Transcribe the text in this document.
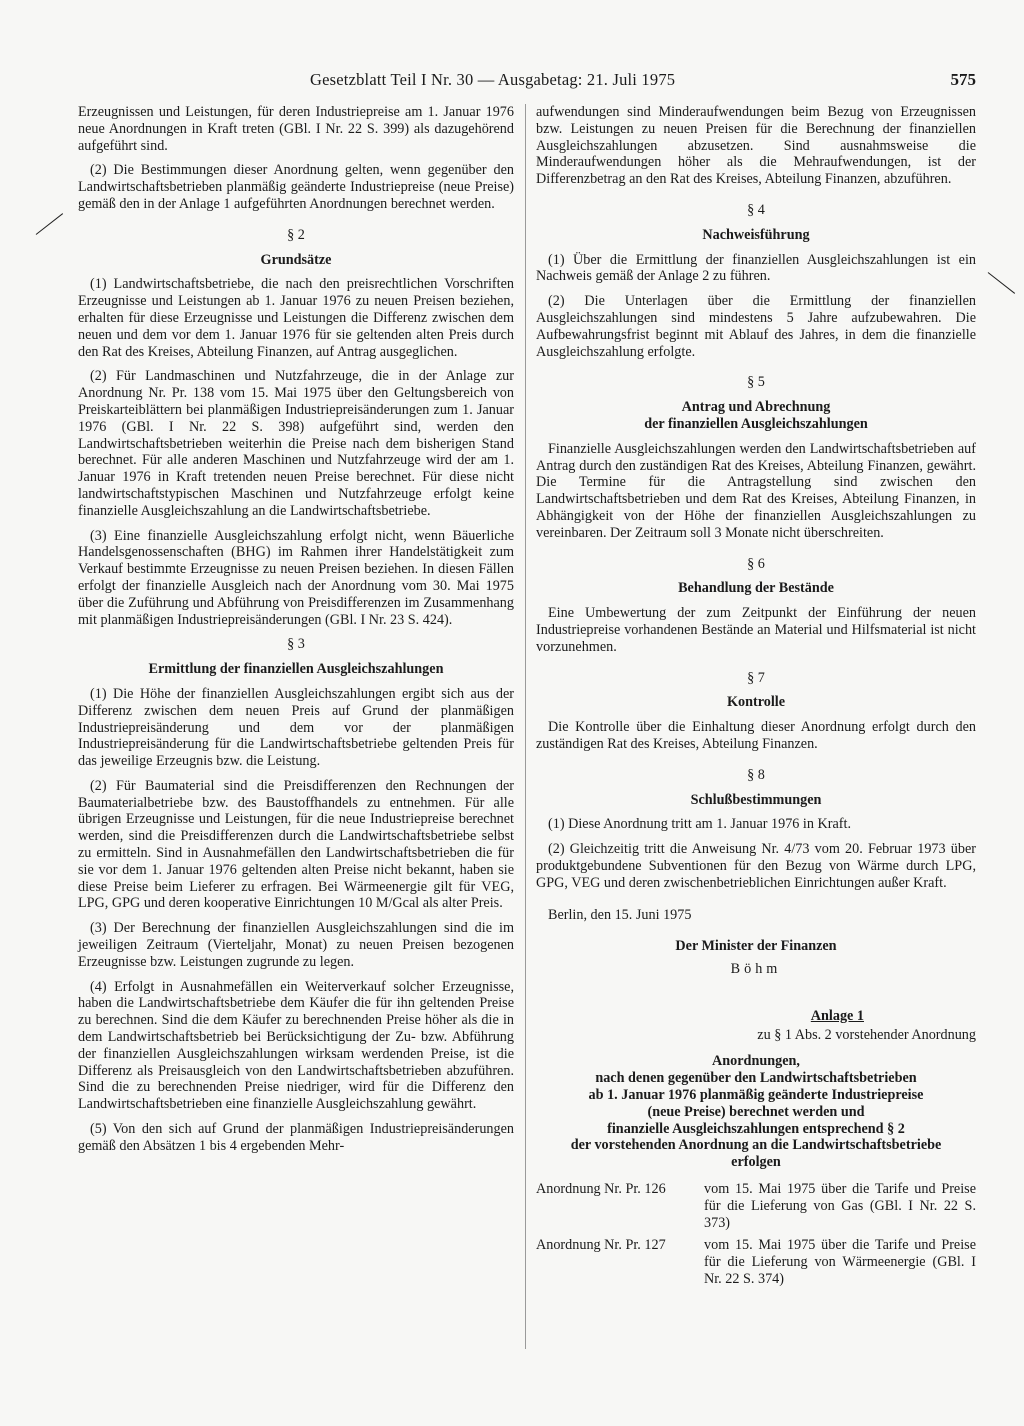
Gesetzblatt Teil I Nr. 30 — Ausgabetag: 21. Juli 1975	575

Erzeugnissen und Leistungen, für deren Industriepreise am 1. Januar 1976 neue Anordnungen in Kraft treten (GBl. I Nr. 22 S. 399) als dazugehörend aufgeführt sind.

(2) Die Bestimmungen dieser Anordnung gelten, wenn gegenüber den Landwirtschaftsbetrieben planmäßig geänderte Industriepreise (neue Preise) gemäß den in der Anlage 1 aufgeführten Anordnungen berechnet werden.

§ 2
Grundsätze

(1) Landwirtschaftsbetriebe, die nach den preisrechtlichen Vorschriften Erzeugnisse und Leistungen ab 1. Januar 1976 zu neuen Preisen beziehen, erhalten für diese Erzeugnisse und Leistungen die Differenz zwischen dem neuen und dem vor dem 1. Januar 1976 für sie geltenden alten Preis durch den Rat des Kreises, Abteilung Finanzen, auf Antrag ausgeglichen.

(2) Für Landmaschinen und Nutzfahrzeuge, die in der Anlage zur Anordnung Nr. Pr. 138 vom 15. Mai 1975 über den Geltungsbereich von Preiskarteiblättern bei planmäßigen Industriepreisänderungen zum 1. Januar 1976 (GBl. I Nr. 22 S. 398) aufgeführt sind, werden den Landwirtschaftsbetrieben weiterhin die Preise nach dem bisherigen Stand berechnet. Für alle anderen Maschinen und Nutzfahrzeuge wird der am 1. Januar 1976 in Kraft tretenden neuen Preise berechnet. Für diese nicht landwirtschaftstypischen Maschinen und Nutzfahrzeuge erfolgt keine finanzielle Ausgleichszahlung an die Landwirtschaftsbetriebe.

(3) Eine finanzielle Ausgleichszahlung erfolgt nicht, wenn Bäuerliche Handelsgenossenschaften (BHG) im Rahmen ihrer Handelstätigkeit zum Verkauf bestimmte Erzeugnisse zu neuen Preisen beziehen. In diesen Fällen erfolgt der finanzielle Ausgleich nach der Anordnung vom 30. Mai 1975 über die Zuführung und Abführung von Preisdifferenzen im Zusammenhang mit planmäßigen Industriepreisänderungen (GBl. I Nr. 23 S. 424).

§ 3
Ermittlung der finanziellen Ausgleichszahlungen

(1) Die Höhe der finanziellen Ausgleichszahlungen ergibt sich aus der Differenz zwischen dem neuen Preis auf Grund der planmäßigen Industriepreisänderung und dem vor der planmäßigen Industriepreisänderung für die Landwirtschaftsbetriebe geltenden Preis für das jeweilige Erzeugnis bzw. die Leistung.

(2) Für Baumaterial sind die Preisdifferenzen den Rechnungen der Baumaterialbetriebe bzw. des Baustoffhandels zu entnehmen. Für alle übrigen Erzeugnisse und Leistungen, für die neue Industriepreise berechnet werden, sind die Preisdifferenzen durch die Landwirtschaftsbetriebe selbst zu ermitteln. Sind in Ausnahmefällen den Landwirtschaftsbetrieben die für sie vor dem 1. Januar 1976 geltenden alten Preise nicht bekannt, haben sie diese Preise beim Lieferer zu erfragen. Bei Wärmeenergie gilt für VEG, LPG, GPG und deren kooperative Einrichtungen 10 M/Gcal als alter Preis.

(3) Der Berechnung der finanziellen Ausgleichszahlungen sind die im jeweiligen Zeitraum (Vierteljahr, Monat) zu neuen Preisen bezogenen Erzeugnisse bzw. Leistungen zugrunde zu legen.

(4) Erfolgt in Ausnahmefällen ein Weiterverkauf solcher Erzeugnisse, haben die Landwirtschaftsbetriebe dem Käufer die für ihn geltenden Preise zu berechnen. Sind die dem Käufer zu berechnenden Preise höher als die in dem Landwirtschaftsbetrieb bei Berücksichtigung der Zu- bzw. Abführung der finanziellen Ausgleichszahlungen wirksam werdenden Preise, ist die Differenz als Preisausgleich von den Landwirtschaftsbetrieben abzuführen. Sind die zu berechnenden Preise niedriger, wird für die Differenz den Landwirtschaftsbetrieben eine finanzielle Ausgleichszahlung gewährt.

(5) Von den sich auf Grund der planmäßigen Industriepreisänderungen gemäß den Absätzen 1 bis 4 ergebenden Mehr-

aufwendungen sind Minderaufwendungen beim Bezug von Erzeugnissen bzw. Leistungen zu neuen Preisen für die Berechnung der finanziellen Ausgleichszahlungen abzusetzen. Sind ausnahmsweise die Minderaufwendungen höher als die Mehraufwendungen, ist der Differenzbetrag an den Rat des Kreises, Abteilung Finanzen, abzuführen.

§ 4
Nachweisführung

(1) Über die Ermittlung der finanziellen Ausgleichszahlungen ist ein Nachweis gemäß der Anlage 2 zu führen.

(2) Die Unterlagen über die Ermittlung der finanziellen Ausgleichszahlungen sind mindestens 5 Jahre aufzubewahren. Die Aufbewahrungsfrist beginnt mit Ablauf des Jahres, in dem die finanzielle Ausgleichszahlung erfolgte.

§ 5
Antrag und Abrechnung
der finanziellen Ausgleichszahlungen

Finanzielle Ausgleichszahlungen werden den Landwirtschaftsbetrieben auf Antrag durch den zuständigen Rat des Kreises, Abteilung Finanzen, gewährt. Die Termine für die Antragstellung sind zwischen den Landwirtschaftsbetrieben und dem Rat des Kreises, Abteilung Finanzen, in Abhängigkeit von der Höhe der finanziellen Ausgleichszahlungen zu vereinbaren. Der Zeitraum soll 3 Monate nicht überschreiten.

§ 6
Behandlung der Bestände

Eine Umbewertung der zum Zeitpunkt der Einführung der neuen Industriepreise vorhandenen Bestände an Material und Hilfsmaterial ist nicht vorzunehmen.

§ 7
Kontrolle

Die Kontrolle über die Einhaltung dieser Anordnung erfolgt durch den zuständigen Rat des Kreises, Abteilung Finanzen.

§ 8
Schlußbestimmungen

(1) Diese Anordnung tritt am 1. Januar 1976 in Kraft.

(2) Gleichzeitig tritt die Anweisung Nr. 4/73 vom 20. Februar 1973 über produktgebundene Subventionen für den Bezug von Wärme durch LPG, GPG, VEG und deren zwischenbetrieblichen Einrichtungen außer Kraft.

Berlin, den 15. Juni 1975
Der Minister der Finanzen
Böhm
Anlage 1
zu § 1 Abs. 2 vorstehender Anordnung
Anordnungen,
nach denen gegenüber den Landwirtschaftsbetrieben
ab 1. Januar 1976 planmäßig geänderte Industriepreise
(neue Preise) berechnet werden und
finanzielle Ausgleichszahlungen entsprechend § 2
der vorstehenden Anordnung an die Landwirtschaftsbetriebe
erfolgen
Anordnung Nr. Pr. 126	vom 15. Mai 1975 über die Tarife und Preise für die Lieferung von Gas (GBl. I Nr. 22 S. 373)
Anordnung Nr. Pr. 127	vom 15. Mai 1975 über die Tarife und Preise für die Lieferung von Wärmeenergie (GBl. I Nr. 22 S. 374)
